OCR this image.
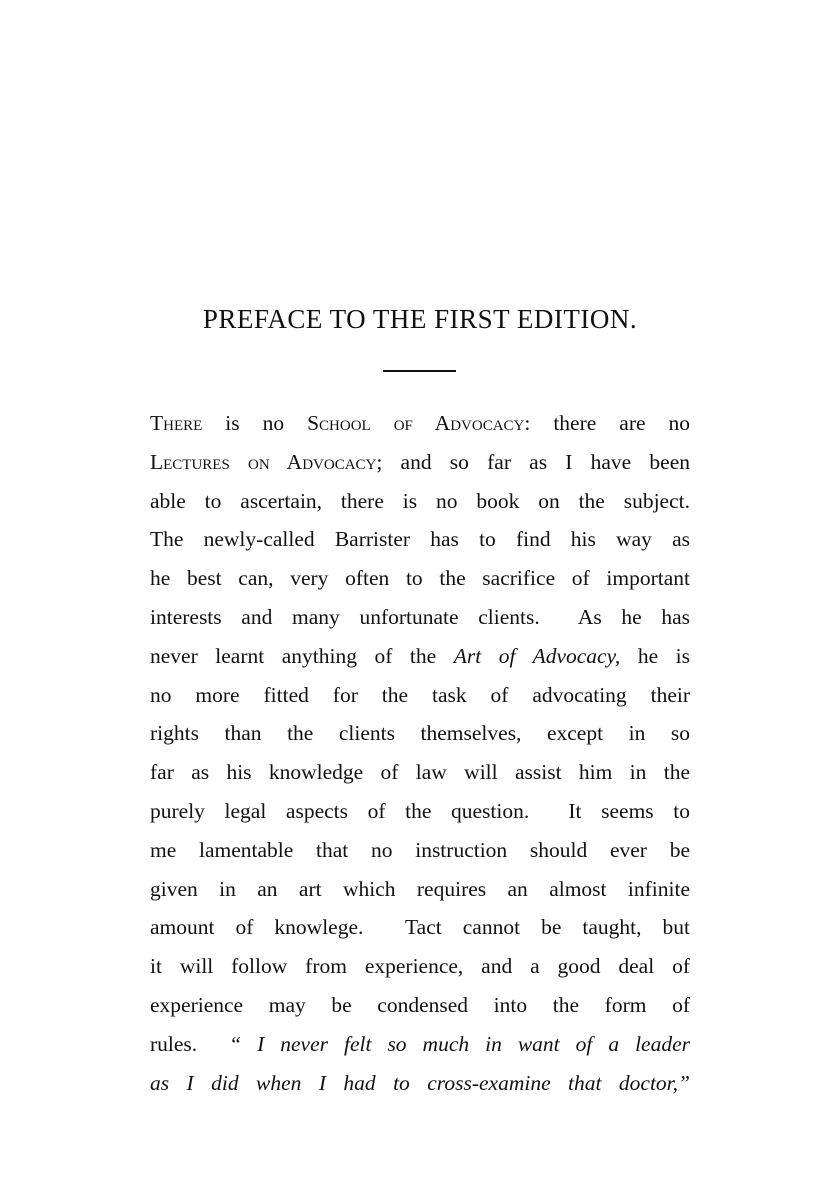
PREFACE TO THE FIRST EDITION.
There is no School of Advocacy: there are no
Lectures on Advocacy; and so far as I have been
able to ascertain, there is no book on the subject.
The newly-called Barrister has to find his way as
he best can, very often to the sacrifice of important
interests and many unfortunate clients.  As he has
never learnt anything of the Art of Advocacy, he is
no more fitted for the task of advocating their
rights than the clients themselves, except in so
far as his knowledge of law will assist him in the
purely legal aspects of the question.  It seems to
me lamentable that no instruction should ever be
given in an art which requires an almost infinite
amount of knowlege.  Tact cannot be taught, but
it will follow from experience, and a good deal of
experience may be condensed into the form of
rules.  “ I never felt so much in want of a leader
as I did when I had to cross-examine that doctor,”
